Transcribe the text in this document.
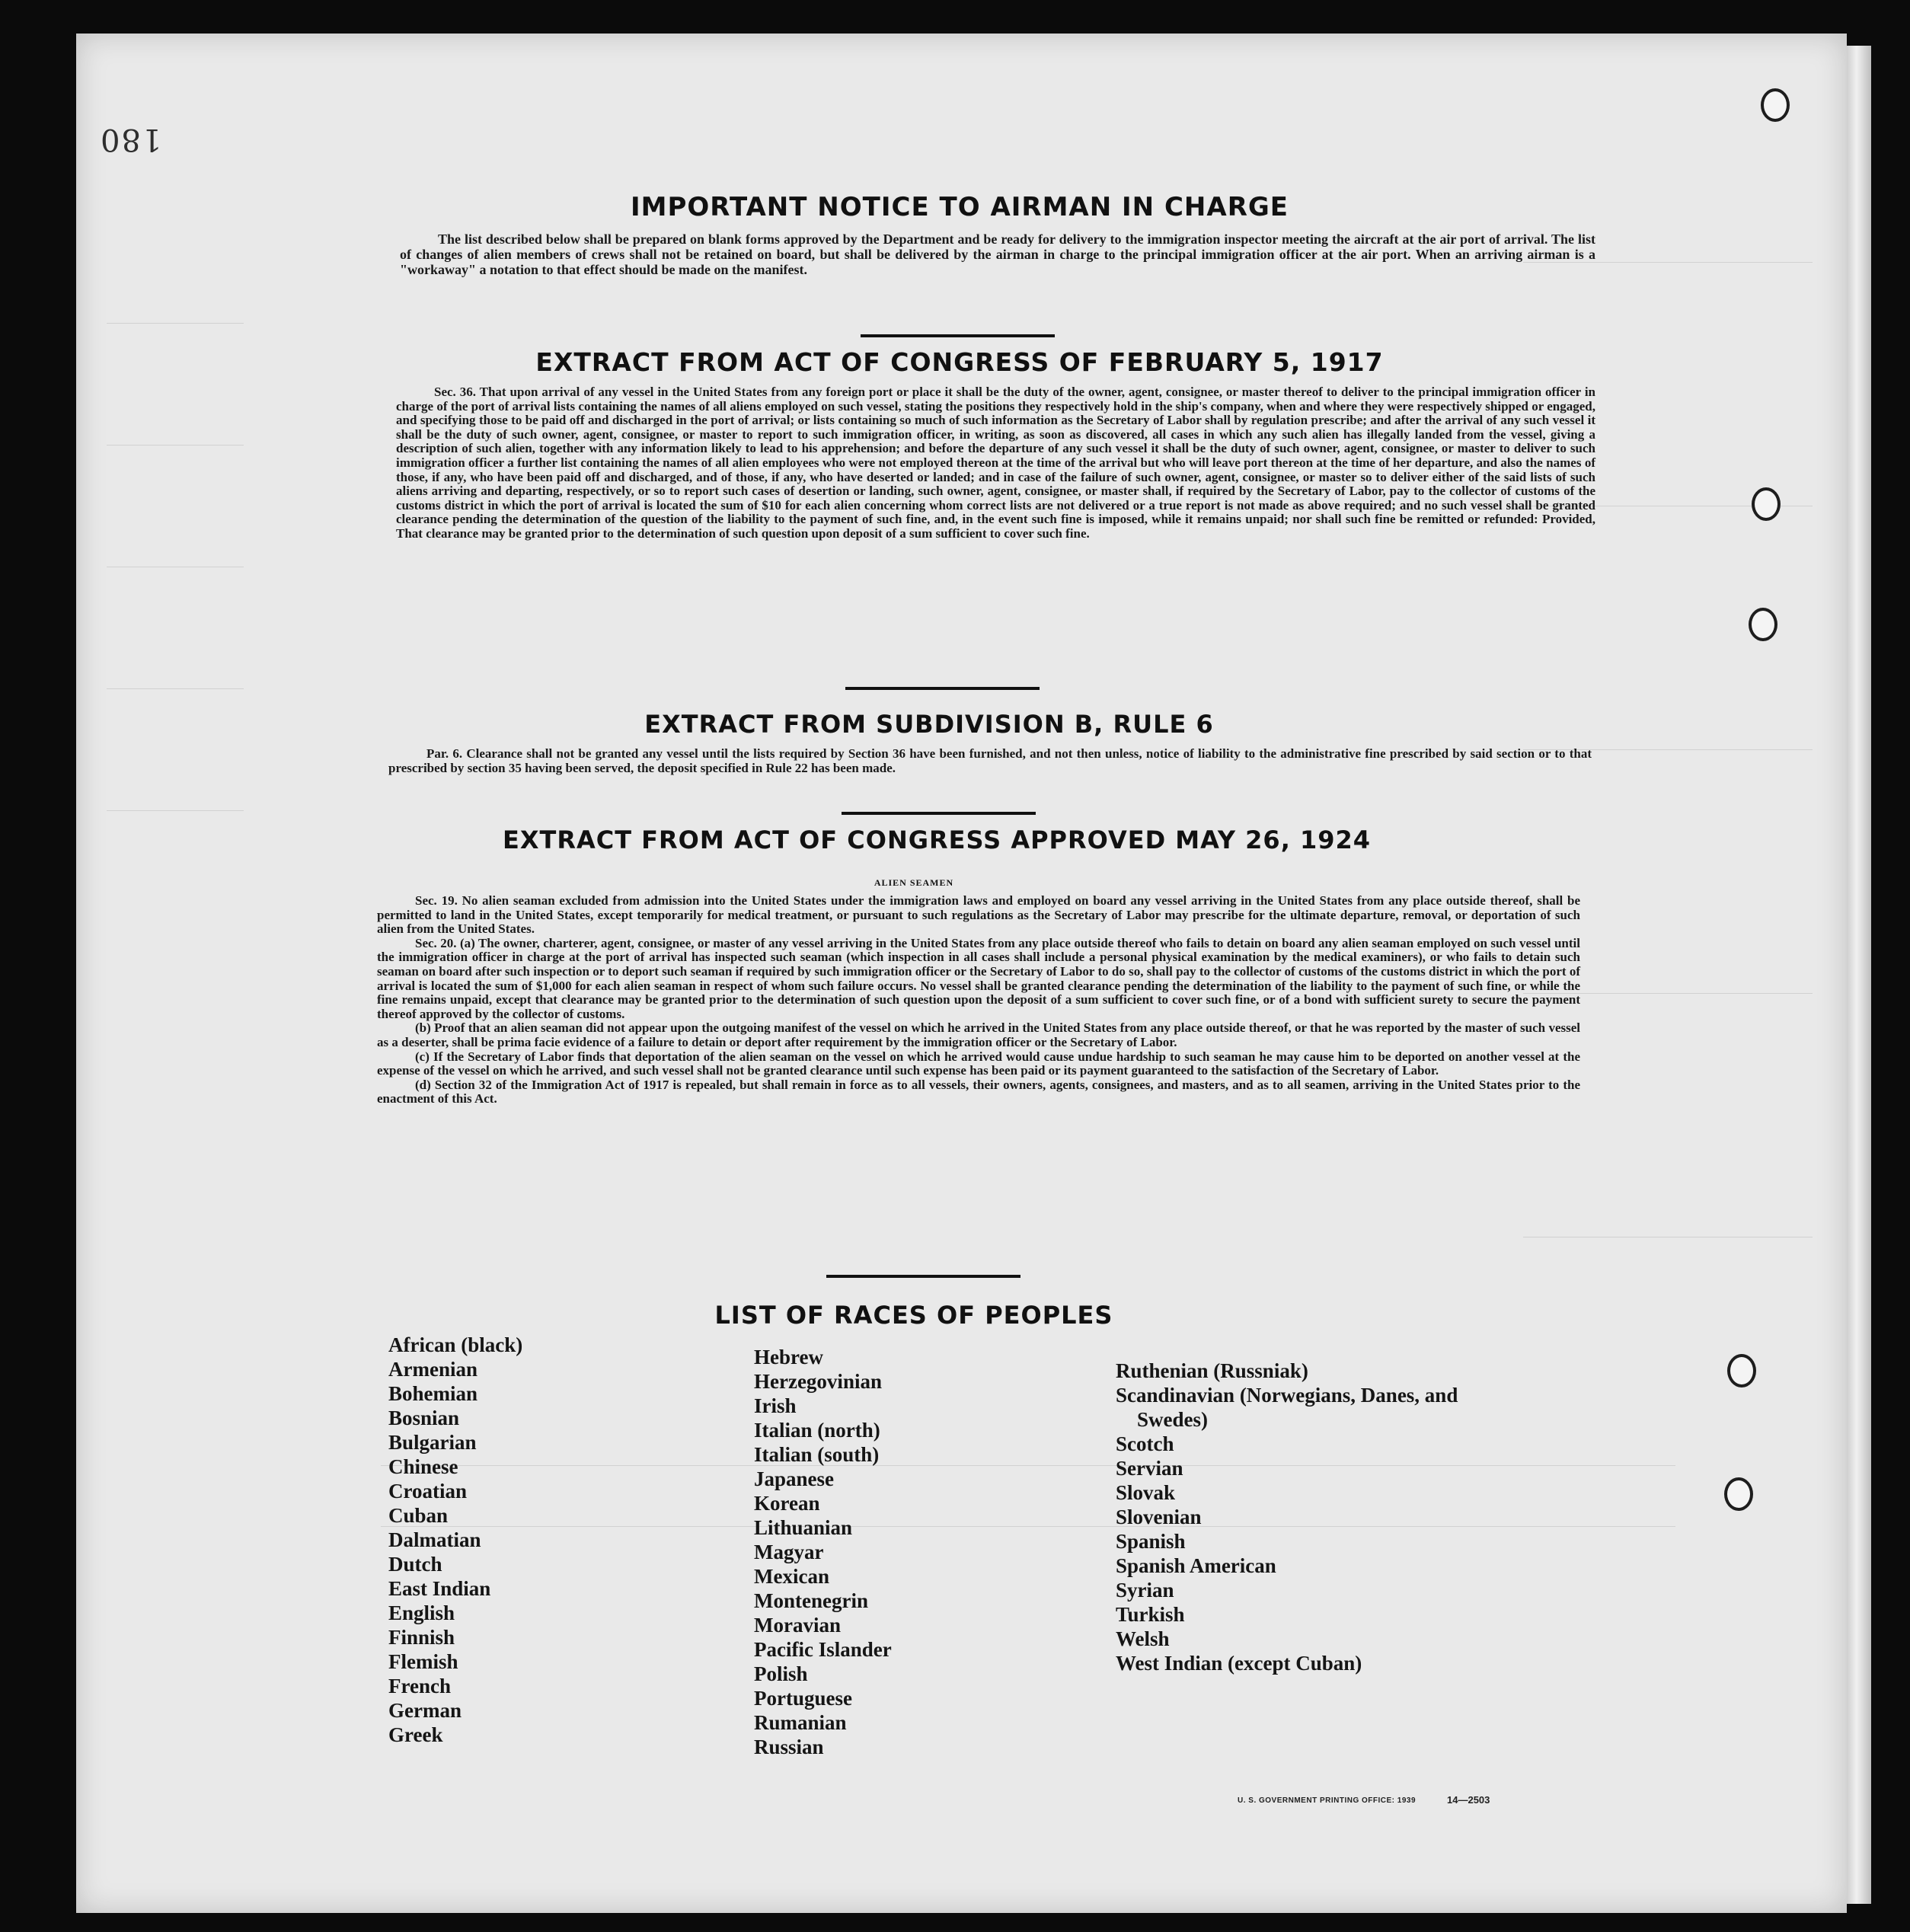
IMPORTANT NOTICE TO AIRMAN IN CHARGE

The list described below shall be prepared on blank forms approved by the Department and be ready for delivery to the immigration inspector meeting the aircraft at the air port of arrival. The list of changes of alien members of crews shall not be retained on board, but shall be delivered by the airman in charge to the principal immigration officer at the air port. When an arriving airman is a "workaway" a notation to that effect should be made on the manifest.

EXTRACT FROM ACT OF CONGRESS OF FEBRUARY 5, 1917

Sec. 36. That upon arrival of any vessel in the United States from any foreign port or place it shall be the duty of the owner, agent, consignee, or master thereof to deliver to the principal immigration officer in charge of the port of arrival lists containing the names of all aliens employed on such vessel, stating the positions they respectively hold in the ship's company, when and where they were respectively shipped or engaged, and specifying those to be paid off and discharged in the port of arrival; or lists containing so much of such information as the Secretary of Labor shall by regulation prescribe; and after the arrival of any such vessel it shall be the duty of such owner, agent, consignee, or master to report to such immigration officer, in writing, as soon as discovered, all cases in which any such alien has illegally landed from the vessel, giving a description of such alien, together with any information likely to lead to his apprehension; and before the departure of any such vessel it shall be the duty of such owner, agent, consignee, or master to deliver to such immigration officer a further list containing the names of all alien employees who were not employed thereon at the time of the arrival but who will leave port thereon at the time of her departure, and also the names of those, if any, who have been paid off and discharged, and of those, if any, who have deserted or landed; and in case of the failure of such owner, agent, consignee, or master so to deliver either of the said lists of such aliens arriving and departing, respectively, or so to report such cases of desertion or landing, such owner, agent, consignee, or master shall, if required by the Secretary of Labor, pay to the collector of customs of the customs district in which the port of arrival is located the sum of $10 for each alien concerning whom correct lists are not delivered or a true report is not made as above required; and no such vessel shall be granted clearance pending the determination of the question of the liability to the payment of such fine, and, in the event such fine is imposed, while it remains unpaid; nor shall such fine be remitted or refunded: Provided, That clearance may be granted prior to the determination of such question upon deposit of a sum sufficient to cover such fine.

EXTRACT FROM SUBDIVISION B, RULE 6

Par. 6. Clearance shall not be granted any vessel until the lists required by Section 36 have been furnished, and not then unless, notice of liability to the administrative fine prescribed by said section or to that prescribed by section 35 having been served, the deposit specified in Rule 22 has been made.

EXTRACT FROM ACT OF CONGRESS APPROVED MAY 26, 1924
ALIEN SEAMEN

Sec. 19. No alien seaman excluded from admission into the United States under the immigration laws and employed on board any vessel arriving in the United States from any place outside thereof, shall be permitted to land in the United States, except temporarily for medical treatment, or pursuant to such regulations as the Secretary of Labor may prescribe for the ultimate departure, removal, or deportation of such alien from the United States.

Sec. 20. (a) The owner, charterer, agent, consignee, or master of any vessel arriving in the United States from any place outside thereof who fails to detain on board any alien seaman employed on such vessel until the immigration officer in charge at the port of arrival has inspected such seaman (which inspection in all cases shall include a personal physical examination by the medical examiners), or who fails to detain such seaman on board after such inspection or to deport such seaman if required by such immigration officer or the Secretary of Labor to do so, shall pay to the collector of customs of the customs district in which the port of arrival is located the sum of $1,000 for each alien seaman in respect of whom such failure occurs. No vessel shall be granted clearance pending the determination of the liability to the payment of such fine, or while the fine remains unpaid, except that clearance may be granted prior to the determination of such question upon the deposit of a sum sufficient to cover such fine, or of a bond with sufficient surety to secure the payment thereof approved by the collector of customs.

(b) Proof that an alien seaman did not appear upon the outgoing manifest of the vessel on which he arrived in the United States from any place outside thereof, or that he was reported by the master of such vessel as a deserter, shall be prima facie evidence of a failure to detain or deport after requirement by the immigration officer or the Secretary of Labor.

(c) If the Secretary of Labor finds that deportation of the alien seaman on the vessel on which he arrived would cause undue hardship to such seaman he may cause him to be deported on another vessel at the expense of the vessel on which he arrived, and such vessel shall not be granted clearance until such expense has been paid or its payment guaranteed to the satisfaction of the Secretary of Labor.

(d) Section 32 of the Immigration Act of 1917 is repealed, but shall remain in force as to all vessels, their owners, agents, consignees, and masters, and as to all seamen, arriving in the United States prior to the enactment of this Act.

LIST OF RACES OF PEOPLES
African (black)
Armenian
Bohemian
Bosnian
Bulgarian
Chinese
Croatian
Cuban
Dalmatian
Dutch
East Indian
English
Finnish
Flemish
French
German
Greek
Hebrew
Herzegovinian
Irish
Italian (north)
Italian (south)
Japanese
Korean
Lithuanian
Magyar
Mexican
Montenegrin
Moravian
Pacific Islander
Polish
Portuguese
Rumanian
Russian
Ruthenian (Russniak)
Scandinavian (Norwegians, Danes, and Swedes)
Scotch
Servian
Slovak
Slovenian
Spanish
Spanish American
Syrian
Turkish
Welsh
West Indian (except Cuban)
U. S. GOVERNMENT PRINTING OFFICE: 1939	14—2503
180
